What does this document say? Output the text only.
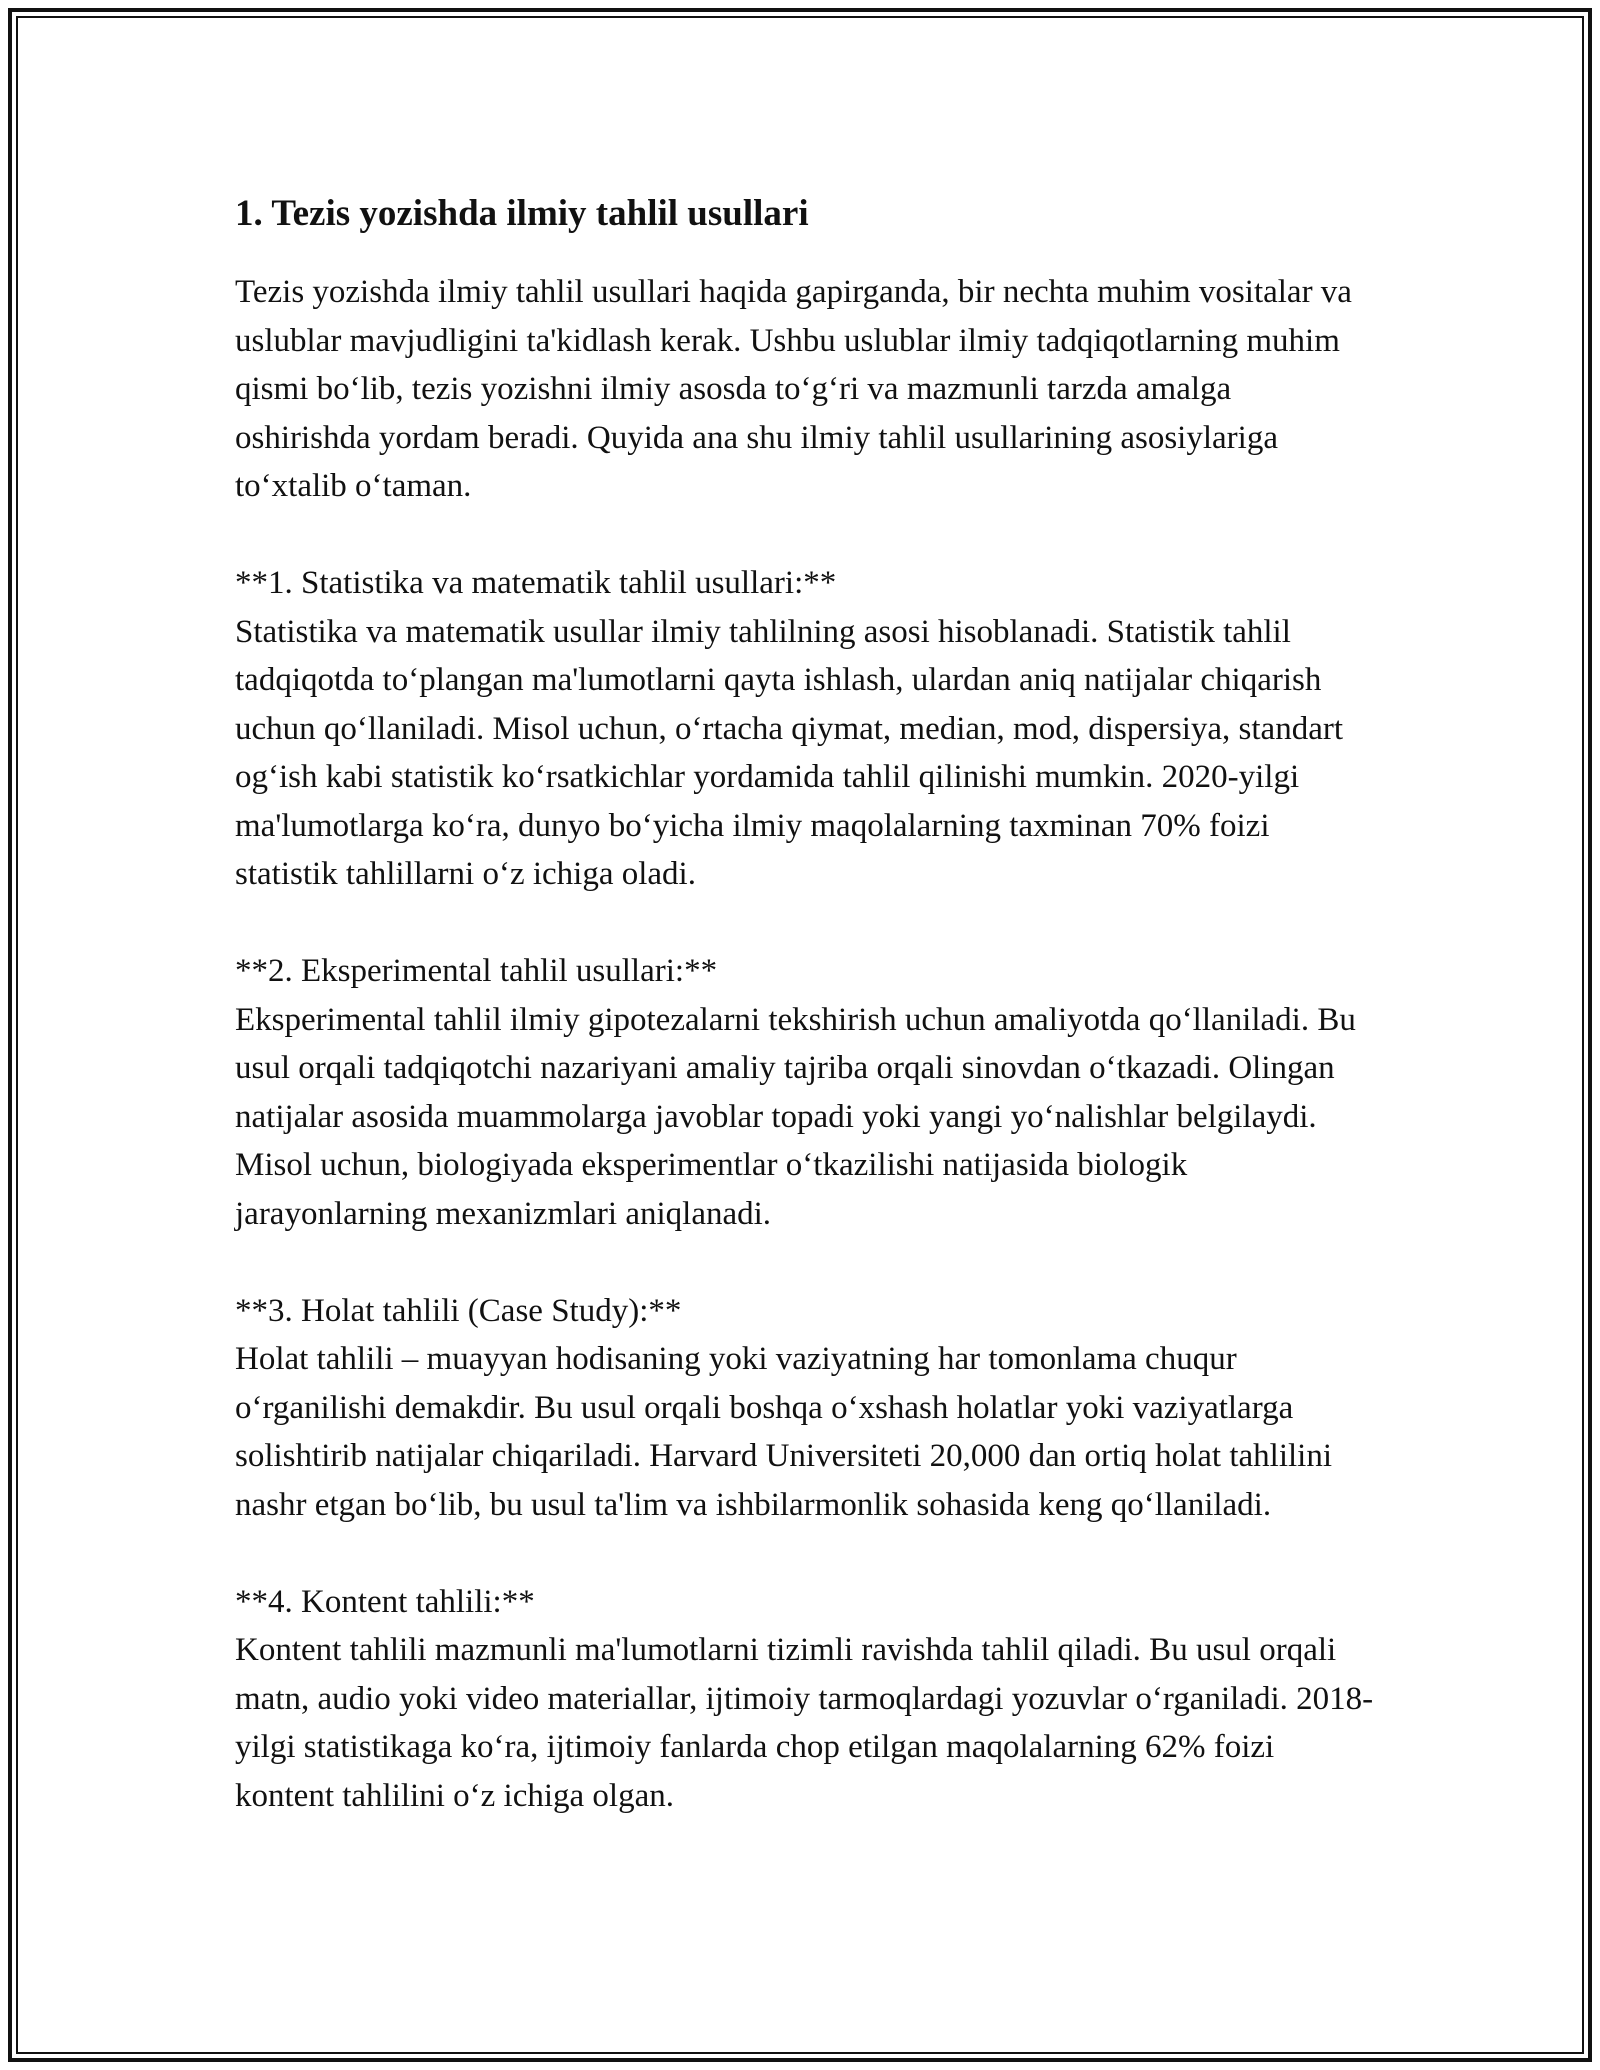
1. Tezis yozishda ilmiy tahlil usullari

Tezis yozishda ilmiy tahlil usullari haqida gapirganda, bir nechta muhim vositalar va uslublar mavjudligini ta'kidlash kerak. Ushbu uslublar ilmiy tadqiqotlarning muhim qismi bo‘lib, tezis yozishni ilmiy asosda to‘g‘ri va mazmunli tarzda amalga oshirishda yordam beradi. Quyida ana shu ilmiy tahlil usullarining asosiylariga to‘xtalib o‘taman.

**1. Statistika va matematik tahlil usullari:**

Statistika va matematik usullar ilmiy tahlilning asosi hisoblanadi. Statistik tahlil tadqiqotda to‘plangan ma'lumotlarni qayta ishlash, ulardan aniq natijalar chiqarish uchun qo‘llaniladi. Misol uchun, o‘rtacha qiymat, median, mod, dispersiya, standart og‘ish kabi statistik ko‘rsatkichlar yordamida tahlil qilinishi mumkin. 2020-yilgi ma'lumotlarga ko‘ra, dunyo bo‘yicha ilmiy maqolalarning taxminan 70% foizi statistik tahlillarni o‘z ichiga oladi.

**2. Eksperimental tahlil usullari:**

Eksperimental tahlil ilmiy gipotezalarni tekshirish uchun amaliyotda qo‘llaniladi. Bu usul orqali tadqiqotchi nazariyani amaliy tajriba orqali sinovdan o‘tkazadi. Olingan natijalar asosida muammolarga javoblar topadi yoki yangi yo‘nalishlar belgilaydi. Misol uchun, biologiyada eksperimentlar o‘tkazilishi natijasida biologik jarayonlarning mexanizmlari aniqlanadi.

**3. Holat tahlili (Case Study):**

Holat tahlili – muayyan hodisaning yoki vaziyatning har tomonlama chuqur o‘rganilishi demakdir. Bu usul orqali boshqa o‘xshash holatlar yoki vaziyatlarga solishtirib natijalar chiqariladi. Harvard Universiteti 20,000 dan ortiq holat tahlilini nashr etgan bo‘lib, bu usul ta'lim va ishbilarmonlik sohasida keng qo‘llaniladi.

**4. Kontent tahlili:**

Kontent tahlili mazmunli ma'lumotlarni tizimli ravishda tahlil qiladi. Bu usul orqali matn, audio yoki video materiallar, ijtimoiy tarmoqlardagi yozuvlar o‘rganiladi. 2018-yilgi statistikaga ko‘ra, ijtimoiy fanlarda chop etilgan maqolalarning 62% foizi kontent tahlilini o‘z ichiga olgan.
